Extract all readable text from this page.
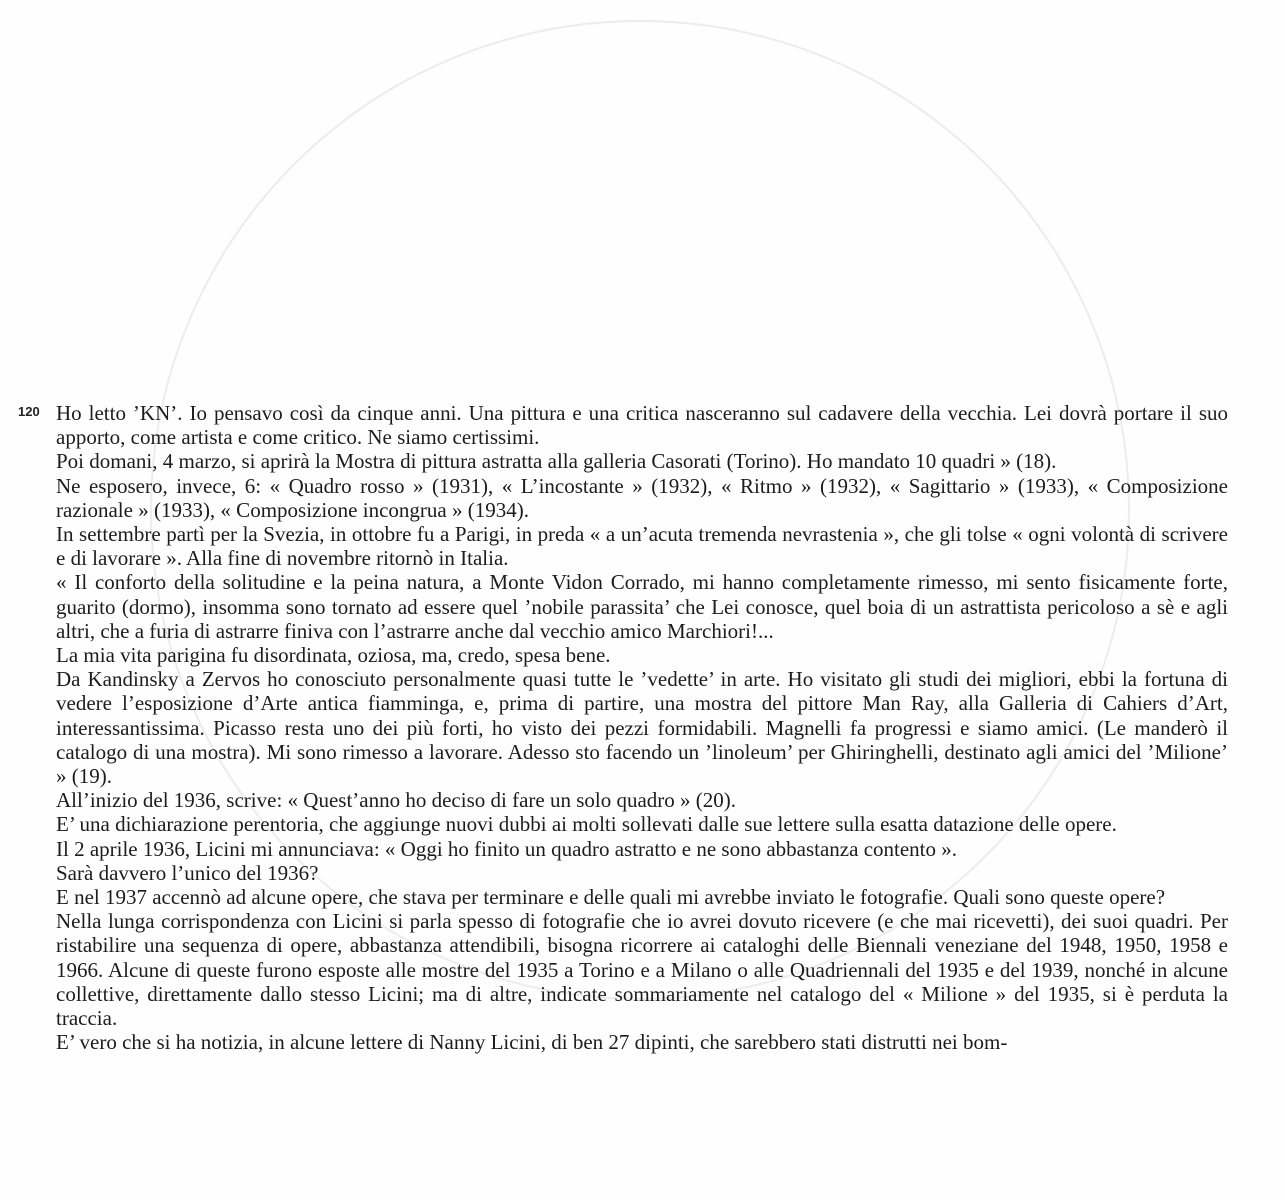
120 Ho letto ’KN’. Io pensavo così da cinque anni. Una pittura e una critica nasceranno sul cadavere della vecchia. Lei dovrà portare il suo apporto, come artista e come critico. Ne siamo certissimi.

Poi domani, 4 marzo, si aprirà la Mostra di pittura astratta alla galleria Casorati (Torino). Ho mandato 10 quadri » (18).

Ne esposero, invece, 6: « Quadro rosso » (1931), « L’incostante » (1932), « Ritmo » (1932), « Sagittario » (1933), « Composizione razionale » (1933), « Composizione incongrua » (1934).

In settembre partì per la Svezia, in ottobre fu a Parigi, in preda « a un’acuta tremenda nevrastenia », che gli tolse « ogni volontà di scrivere e di lavorare ». Alla fine di novembre ritornò in Italia.

« Il conforto della solitudine e la peina natura, a Monte Vidon Corrado, mi hanno completamente rimesso, mi sento fisicamente forte, guarito (dormo), insomma sono tornato ad essere quel ’nobile parassita’ che Lei conosce, quel boia di un astrattista pericoloso a sè e agli altri, che a furia di astrarre finiva con l’astrarre anche dal vecchio amico Marchiori!...

La mia vita parigina fu disordinata, oziosa, ma, credo, spesa bene.

Da Kandinsky a Zervos ho conosciuto personalmente quasi tutte le ’vedette’ in arte. Ho visitato gli studi dei migliori, ebbi la fortuna di vedere l’esposizione d’Arte antica fiamminga, e, prima di partire, una mostra del pittore Man Ray, alla Galleria di Cahiers d’Art, interessantissima. Picasso resta uno dei più forti, ho visto dei pezzi formidabili. Magnelli fa progressi e siamo amici. (Le manderò il catalogo di una mostra). Mi sono rimesso a lavorare. Adesso sto facendo un ’linoleum’ per Ghiringhelli, destinato agli amici del ’Milione’ » (19).

All’inizio del 1936, scrive: « Quest’anno ho deciso di fare un solo quadro » (20).

E’ una dichiarazione perentoria, che aggiunge nuovi dubbi ai molti sollevati dalle sue lettere sulla esatta datazione delle opere.

Il 2 aprile 1936, Licini mi annunciava: « Oggi ho finito un quadro astratto e ne sono abbastanza contento ».

Sarà davvero l’unico del 1936?

E nel 1937 accennò ad alcune opere, che stava per terminare e delle quali mi avrebbe inviato le fotografie. Quali sono queste opere?

Nella lunga corrispondenza con Licini si parla spesso di fotografie che io avrei dovuto ricevere (e che mai ricevetti), dei suoi quadri. Per ristabilire una sequenza di opere, abbastanza attendibili, bisogna ricorrere ai cataloghi delle Biennali veneziane del 1948, 1950, 1958 e 1966. Alcune di queste furono esposte alle mostre del 1935 a Torino e a Milano o alle Quadriennali del 1935 e del 1939, nonché in alcune collettive, direttamente dallo stesso Licini; ma di altre, indicate sommariamente nel catalogo del « Milione » del 1935, si è perduta la traccia.

E’ vero che si ha notizia, in alcune lettere di Nanny Licini, di ben 27 dipinti, che sarebbero stati distrutti nei bom-
